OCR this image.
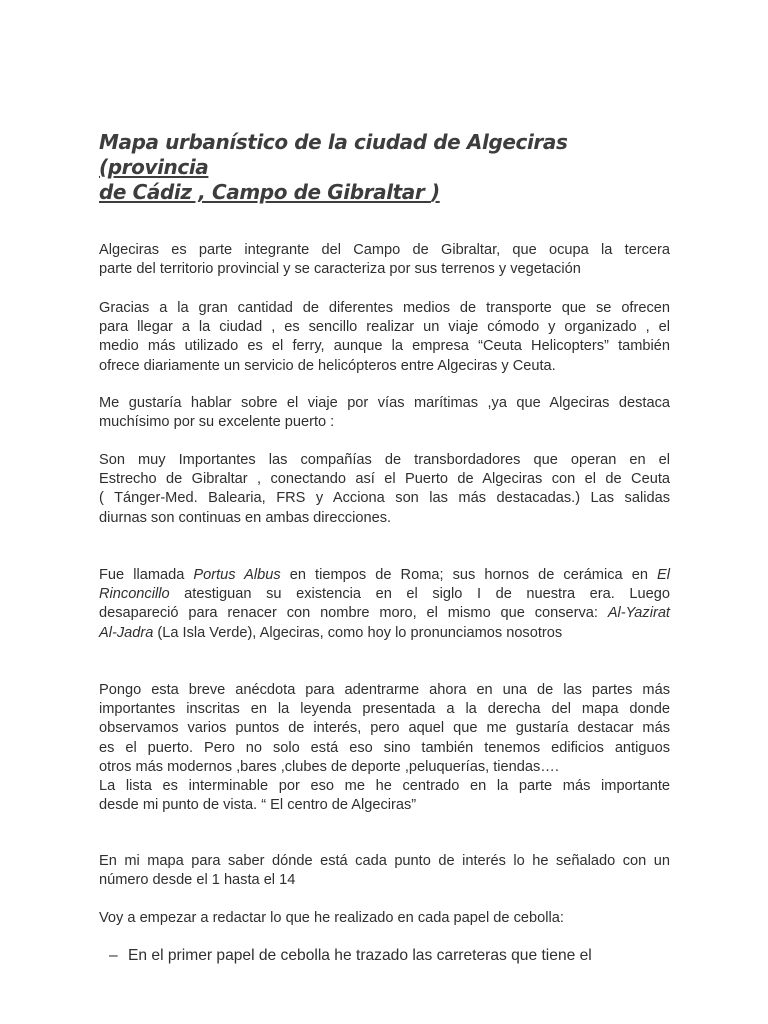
Mapa urbanístico de la ciudad de Algeciras (provincia
de Cádiz , Campo de Gibraltar )
Algeciras es parte integrante del Campo de Gibraltar, que ocupa la tercera
parte del territorio provincial y se caracteriza por sus terrenos y vegetación
Gracias a la gran cantidad de diferentes medios de transporte que se ofrecen
para llegar a la ciudad , es sencillo realizar un viaje cómodo y organizado , el
medio más utilizado es el ferry, aunque la empresa “Ceuta Helicopters” también
ofrece diariamente un servicio de helicópteros entre Algeciras y Ceuta.
Me gustaría hablar sobre el viaje por vías marítimas ,ya que Algeciras destaca
muchísimo por su excelente puerto :
Son muy Importantes las compañías de transbordadores que operan en el
Estrecho de Gibraltar , conectando así el Puerto de Algeciras con el de Ceuta
( Tánger-Med. Balearia, FRS y Acciona son las más destacadas.) Las salidas
diurnas son continuas en ambas direcciones.
Fue llamada Portus Albus en tiempos de Roma; sus hornos de cerámica en El
Rinconcillo atestiguan su existencia en el siglo I de nuestra era. Luego
desapareció para renacer con nombre moro, el mismo que conserva: Al-Yazirat
Al-Jadra (La Isla Verde), Algeciras, como hoy lo pronunciamos nosotros
Pongo esta breve anécdota para adentrarme ahora en una de las partes más
importantes inscritas en la leyenda presentada a la derecha del mapa donde
observamos varios puntos de interés, pero aquel que me gustaría destacar más
es el puerto. Pero no solo está eso sino también tenemos edificios antiguos
otros más modernos ,bares ,clubes de deporte ,peluquerías, tiendas….
La lista es interminable por eso me he centrado en la parte más importante
desde mi punto de vista. “ El centro de Algeciras”
En mi mapa para saber dónde está cada punto de interés lo he señalado con un
número desde el 1 hasta el 14
Voy a empezar a redactar lo que he realizado en cada papel de cebolla:
– En el primer papel de cebolla he trazado las carreteras que tiene el
